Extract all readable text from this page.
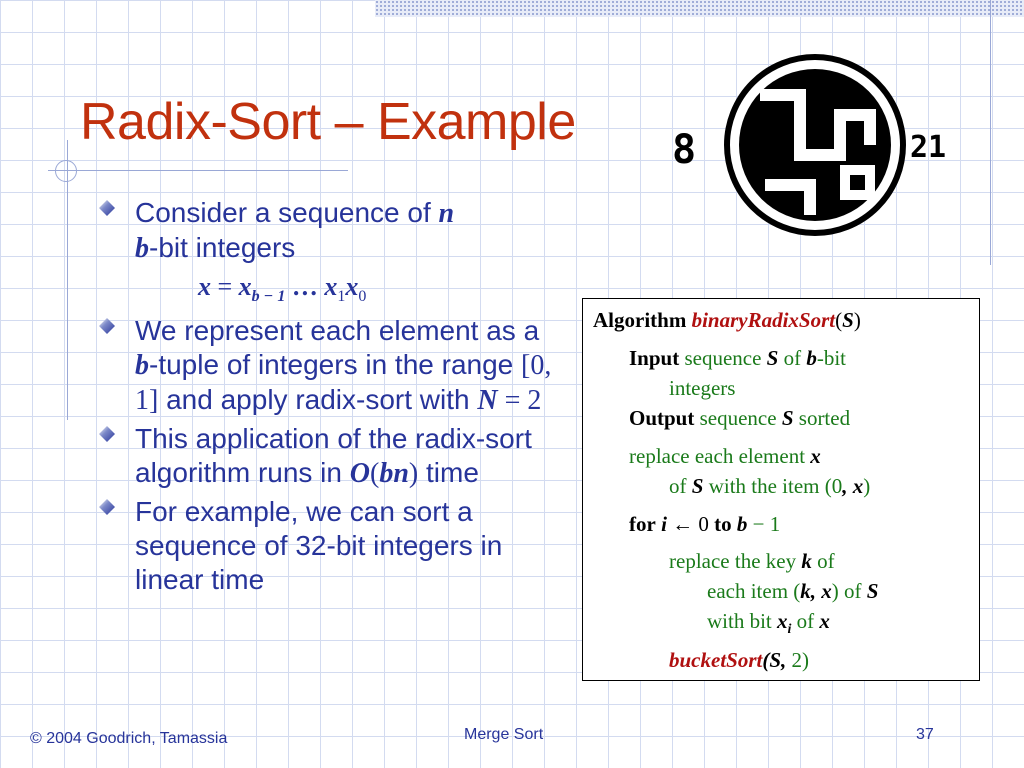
Radix-Sort – Example 8	21
Consider a sequence of n
b-bit integers
We represent each element as a b-tuple of integers in the range [0, 1] and apply radix-sort with N = 2
This application of the radix-sort algorithm runs in O(bn) time
For example, we can sort a sequence of 32-bit integers in linear time
$x = x_{b - 1}$ … $x_1x_0$
Algorithm binaryRadixSort(S)
Input sequence S of b-bit
integers
Output sequence S sorted
replace each element x
of S with the item (0, x)
for i ← 0 to b − 1
replace the key k of
each item (k, x) of S
with bit $x_i$ of x
bucketSort(S, 2)
© 2004 Goodrich, Tamassia	Merge Sort	37
